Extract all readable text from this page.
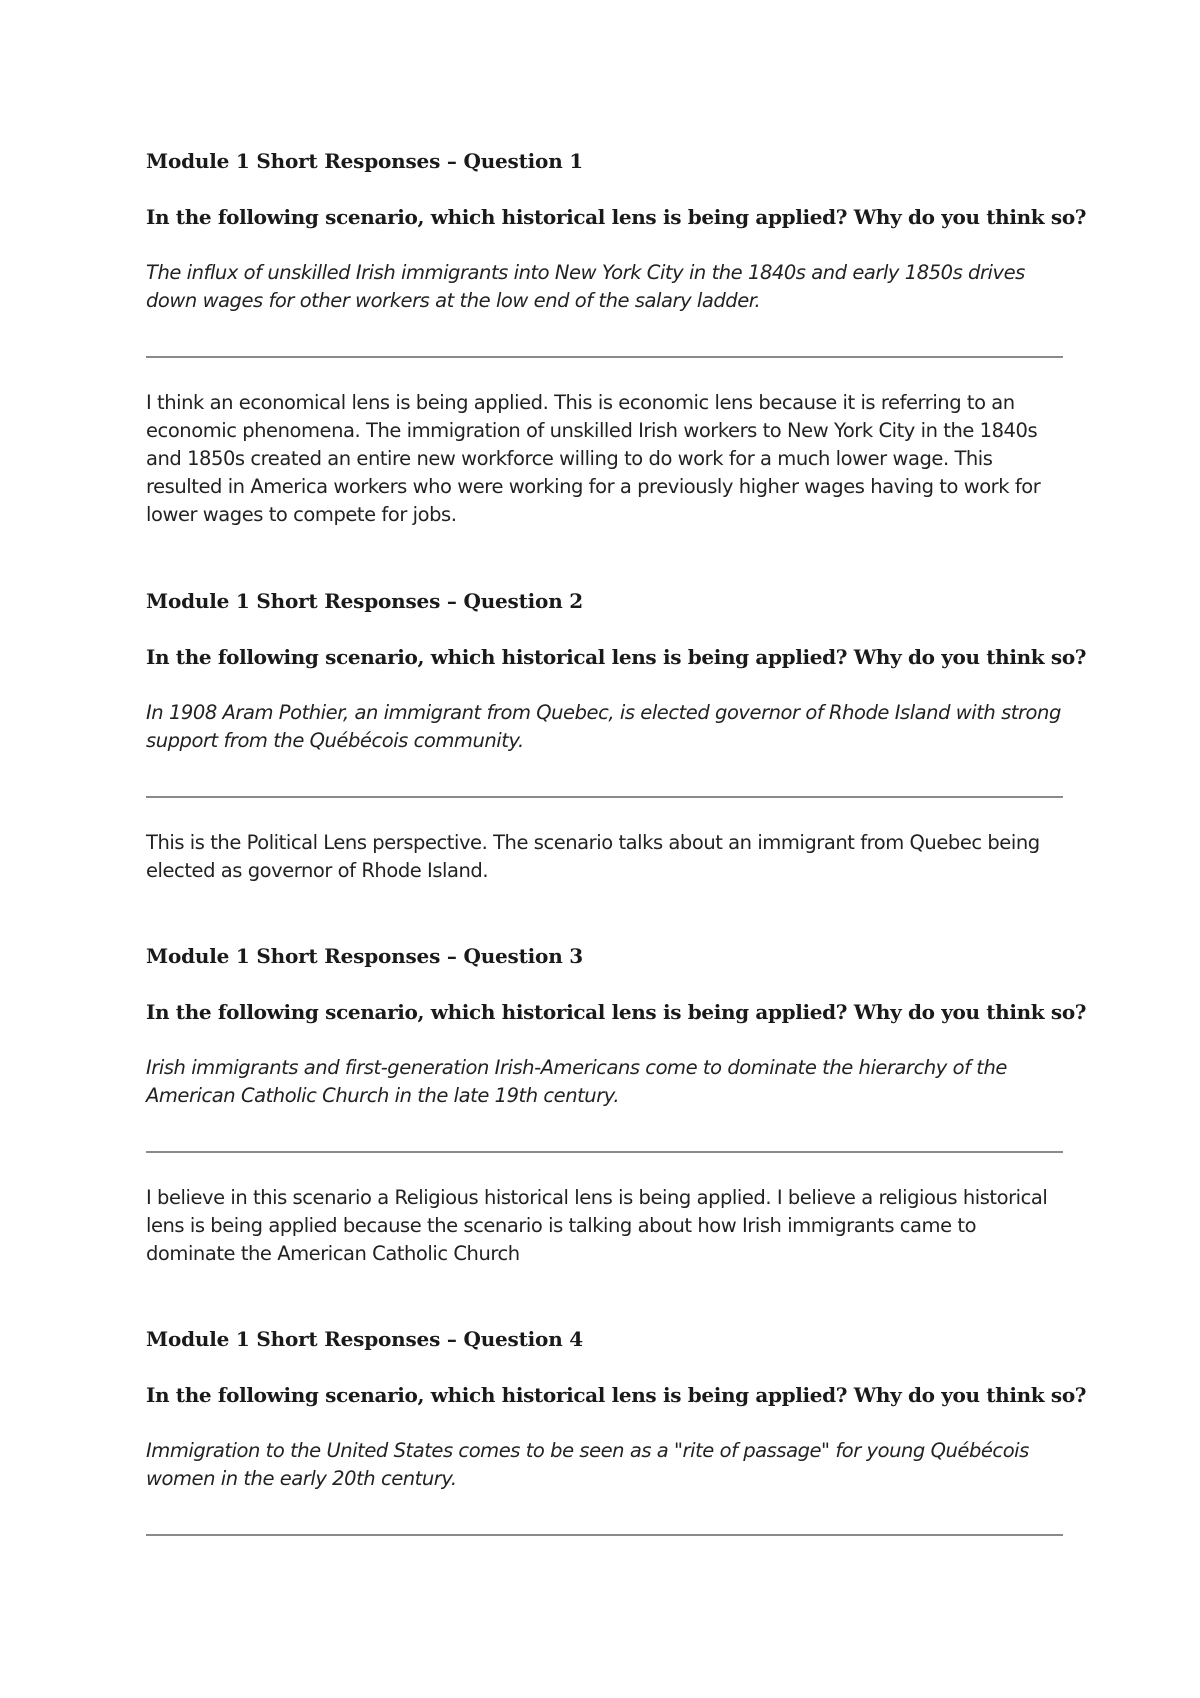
Module 1 Short Responses – Question 1

In the following scenario, which historical lens is being applied? Why do you think so?

The influx of unskilled Irish immigrants into New York City in the 1840s and early 1850s drives down wages for other workers at the low end of the salary ladder.

I think an economical lens is being applied. This is economic lens because it is referring to an economic phenomena. The immigration of unskilled Irish workers to New York City in the 1840s and 1850s created an entire new workforce willing to do work for a much lower wage. This resulted in America workers who were working for a previously higher wages having to work for lower wages to compete for jobs.

Module 1 Short Responses – Question 2

In the following scenario, which historical lens is being applied? Why do you think so?

In 1908 Aram Pothier, an immigrant from Quebec, is elected governor of Rhode Island with strong support from the Québécois community.

This is the Political Lens perspective. The scenario talks about an immigrant from Quebec being elected as governor of Rhode Island.

Module 1 Short Responses – Question 3

In the following scenario, which historical lens is being applied? Why do you think so?

Irish immigrants and first-generation Irish-Americans come to dominate the hierarchy of the American Catholic Church in the late 19th century.

I believe in this scenario a Religious historical lens is being applied. I believe a religious historical lens is being applied because the scenario is talking about how Irish immigrants came to dominate the American Catholic Church

Module 1 Short Responses – Question 4

In the following scenario, which historical lens is being applied? Why do you think so?

Immigration to the United States comes to be seen as a "rite of passage" for young Québécois women in the early 20th century.
